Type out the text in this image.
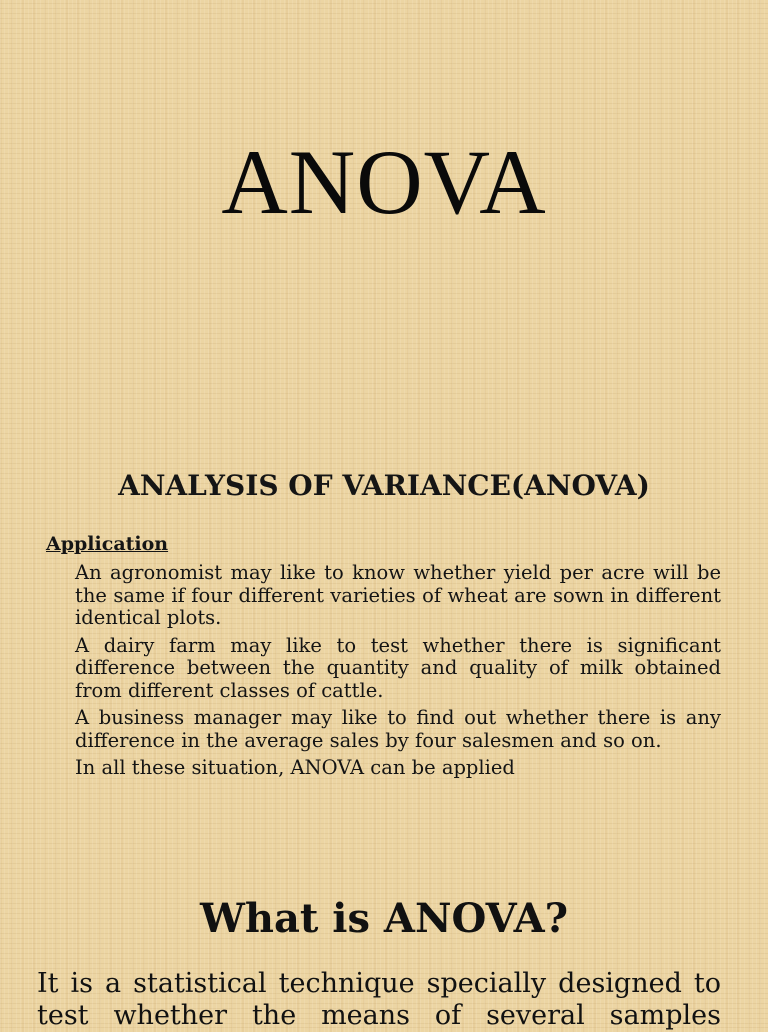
ANOVA
ANALYSIS OF VARIANCE(ANOVA)
Application
An agronomist may like to know whether yield per acre will be the same if four different varieties of wheat are sown in different identical plots.
A dairy farm may like to test whether there is significant difference between the quantity and quality of milk obtained from different classes of cattle.
A business manager may like to find out whether there is any difference in the average sales by four salesmen and so on.
In all these situation, ANOVA can be applied
What is ANOVA?

It is a statistical technique specially designed to test whether the means of several samples
